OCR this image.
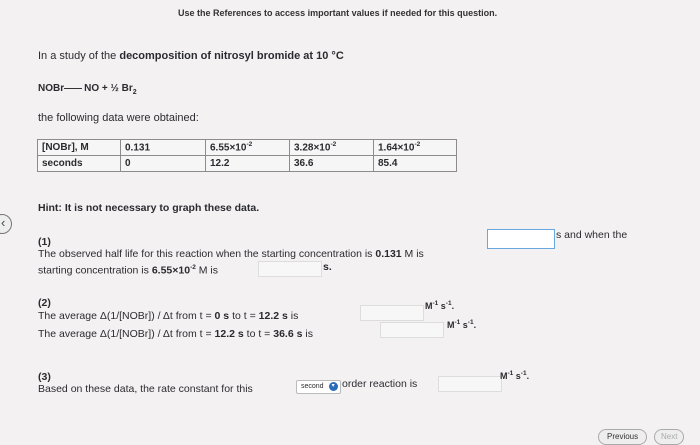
Use the References to access important values if needed for this question.
In a study of the decomposition of nitrosyl bromide at 10 °C
NOBr NO + ½ $Br_2$
the following data were obtained:
[NOBr], M	0.131	$6.55\times 10^{-2}$	$3.28\times 10^{-2}$	$1.64\times 10^{-2}$
seconds	0	12.2	36.6	85.4
Hint: It is not necessary to graph these data.
‹
(1)
The observed half life for this reaction when the starting concentration is 0.131 M is
s and when the
starting concentration is $6.55\times 10^{-2}$ M is	s.
(2)
The average Δ(1/[NOBr]) / Δt from t = 0 s to t = 12.2 s is
$M^{-1}$ $s^{-1}$.
The average Δ(1/[NOBr]) / Δt from t = 12.2 s to t = 36.6 s is
$M^{-1}$ $s^{-1}$.
(3)
Based on these data, the rate constant for this	second	▾ order reaction is
$M^{-1}$ $s^{-1}$.
Previous	Next
